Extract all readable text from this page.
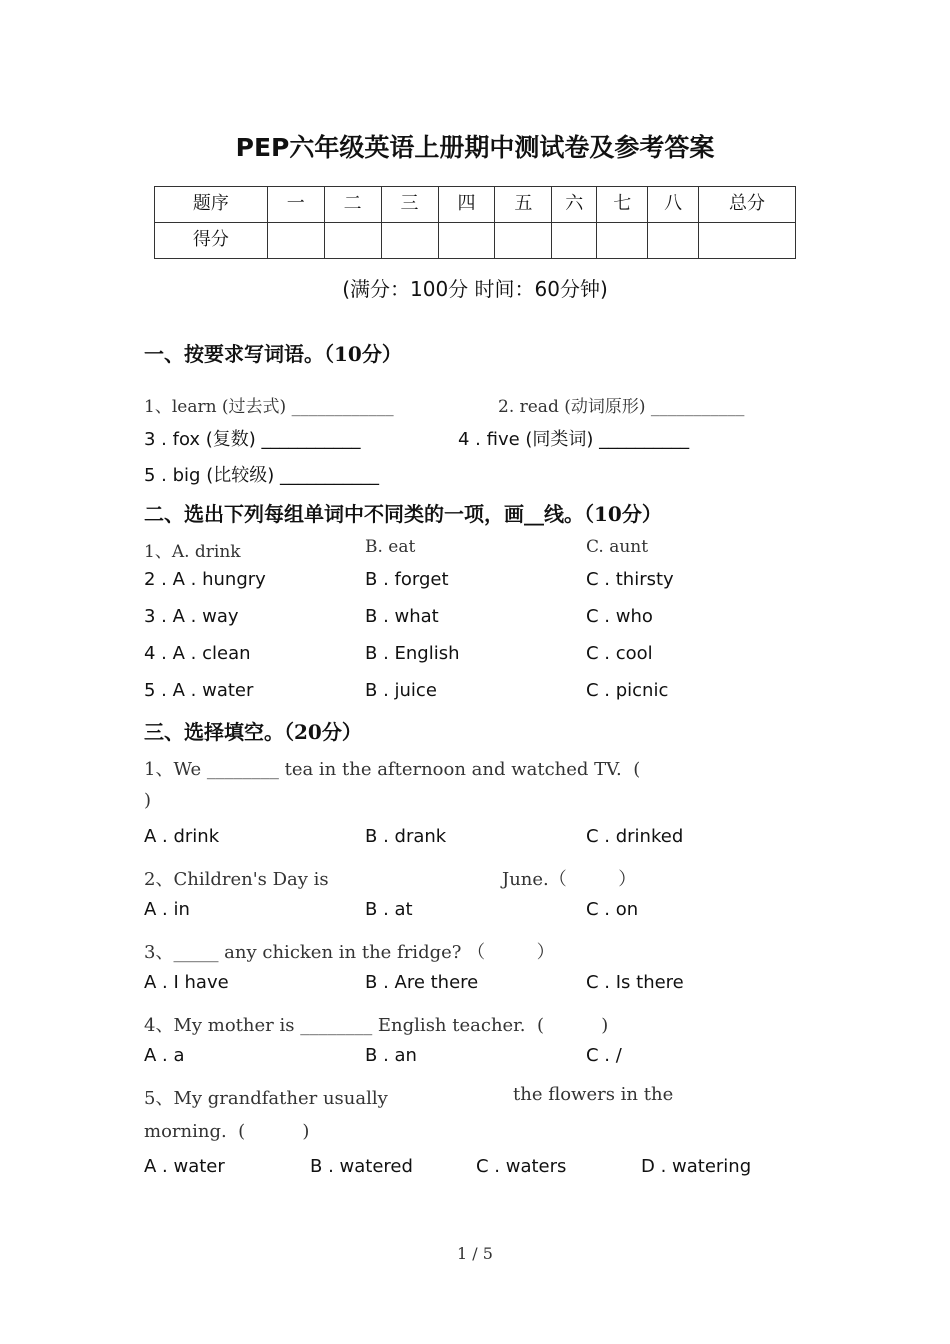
PEP六年级英语上册期中测试卷及参考答案
题序	一	二	三	四	五	六	七	八	总分
得分									
(满分：100分 时间：60分钟)
一、按要求写词语。（10分）
1、learn (过去式) ____________	2. read (动词原形) ___________
3 . fox (复数) ___________	4 . five (同类词) __________
5 . big (比较级) ___________
二、选出下列每组单词中不同类的一项，画__线。（10分）
1、A. drink	B. eat	C. aunt
2 . A . hungry	B . forget	C . thirsty
3 . A . way	B . what	C . who
4 . A . clean	B . English	C . cool
5 . A . water	B . juice	C . picnic
三、选择填空。（20分）
1、We ________ tea in the afternoon and watched TV.  (
)
A . drink	B . drank	C . drinked
2、Children's Day is	June.（         ）
A . in	B . at	C . on
3、_____ any chicken in the fridge? （         ）
A . I have	B . Are there	C . Is there
4、My mother is ________ English teacher.  (          )
A . a	B . an	C . /
5、My grandfather usually	the flowers in the
morning.  (          )
A . water	B . watered	C . waters	D . watering
1 / 5
